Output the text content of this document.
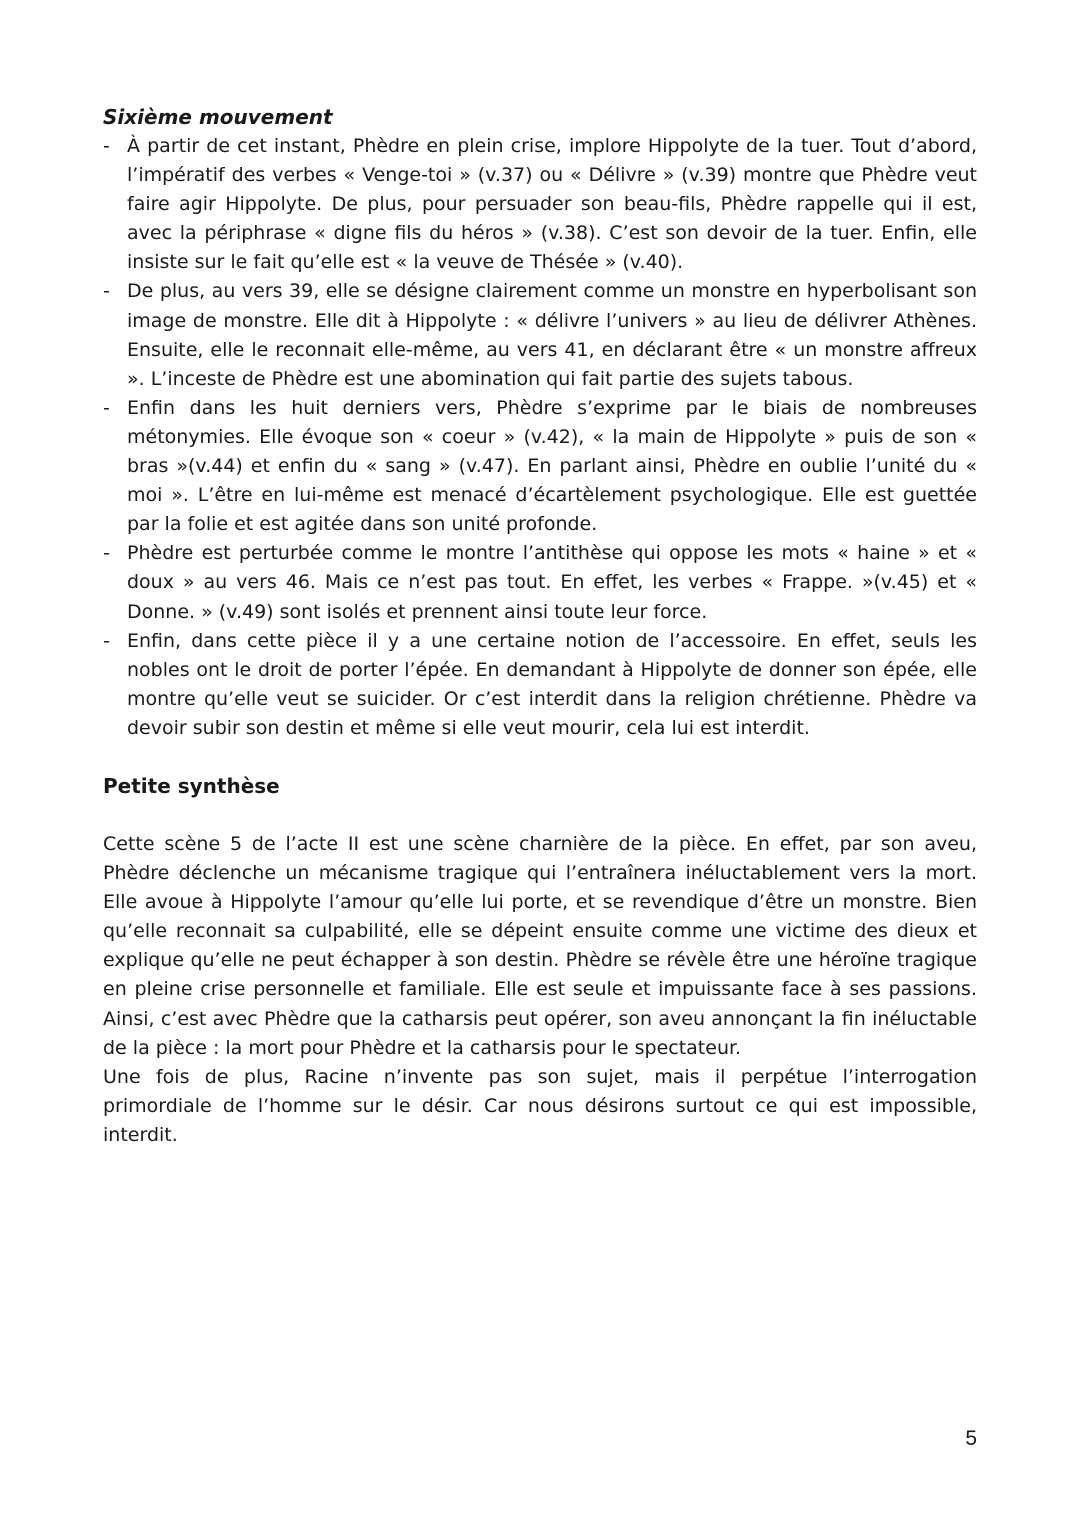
Sixième mouvement
- À partir de cet instant, Phèdre en plein crise, implore Hippolyte de la tuer. Tout d’abord, l’impératif des verbes « Venge-toi » (v.37) ou « Délivre » (v.39) montre que Phèdre veut faire agir Hippolyte. De plus, pour persuader son beau-fils, Phèdre rappelle qui il est, avec la périphrase « digne fils du héros » (v.38). C’est son devoir de la tuer. Enfin, elle insiste sur le fait qu’elle est « la veuve de Thésée » (v.40).
- De plus, au vers 39, elle se désigne clairement comme un monstre en hyperbolisant son image de monstre. Elle dit à Hippolyte : « délivre l’univers » au lieu de délivrer Athènes. Ensuite, elle le reconnait elle-même, au vers 41, en déclarant être « un monstre affreux ». L’inceste de Phèdre est une abomination qui fait partie des sujets tabous.
- Enfin dans les huit derniers vers, Phèdre s’exprime par le biais de nombreuses métonymies. Elle évoque son « coeur » (v.42), « la main de Hippolyte » puis de son « bras »(v.44) et enfin du « sang » (v.47). En parlant ainsi, Phèdre en oublie l’unité du « moi ». L’être en lui-même est menacé d’écartèlement psychologique. Elle est guettée par la folie et est agitée dans son unité profonde.
- Phèdre est perturbée comme le montre l’antithèse qui oppose les mots « haine » et « doux » au vers 46. Mais ce n’est pas tout. En effet, les verbes « Frappe. »(v.45) et « Donne. » (v.49) sont isolés et prennent ainsi toute leur force.
- Enfin, dans cette pièce il y a une certaine notion de l’accessoire. En effet, seuls les nobles ont le droit de porter l’épée. En demandant à Hippolyte de donner son épée, elle montre qu’elle veut se suicider. Or c’est interdit dans la religion chrétienne. Phèdre va devoir subir son destin et même si elle veut mourir, cela lui est interdit.
Petite synthèse

Cette scène 5 de l’acte II est une scène charnière de la pièce. En effet, par son aveu, Phèdre déclenche un mécanisme tragique qui l’entraînera inéluctablement vers la mort. Elle avoue à Hippolyte l’amour qu’elle lui porte, et se revendique d’être un monstre. Bien qu’elle reconnait sa culpabilité, elle se dépeint ensuite comme une victime des dieux et explique qu’elle ne peut échapper à son destin. Phèdre se révèle être une héroïne tragique en pleine crise personnelle et familiale. Elle est seule et impuissante face à ses passions. Ainsi, c’est avec Phèdre que la catharsis peut opérer, son aveu annonçant la fin inéluctable de la pièce : la mort pour Phèdre et la catharsis pour le spectateur.

Une fois de plus, Racine n’invente pas son sujet, mais il perpétue l’interrogation primordiale de l’homme sur le désir. Car nous désirons surtout ce qui est impossible, interdit.

5
